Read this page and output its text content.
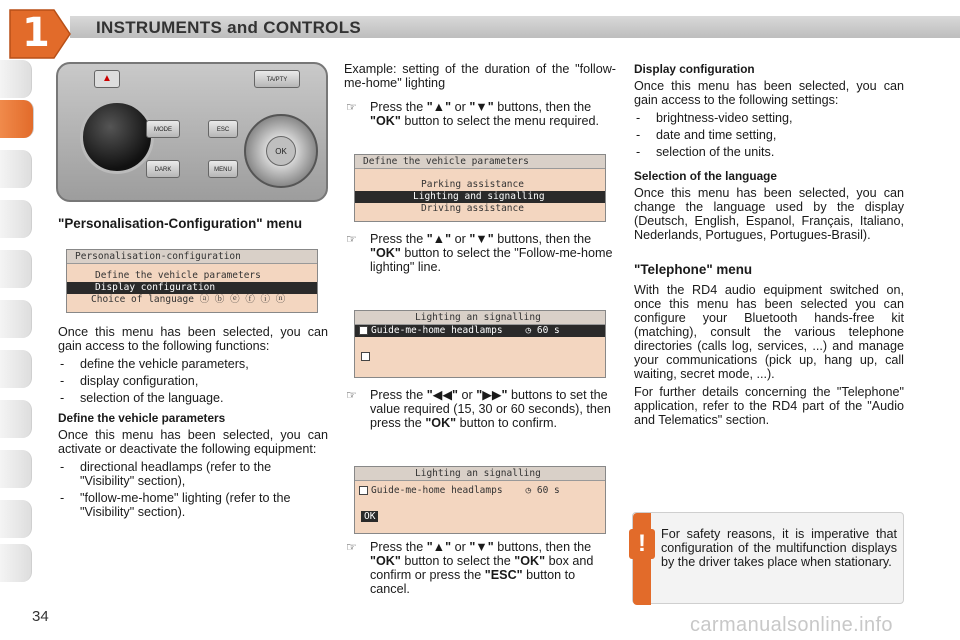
1	INSTRUMENTS and CONTROLS
▲	TA/PTY
MODE
DARK
ESC
MENU
OK
"Personalisation-Configuration" menu
Personalisation-configuration
Define the vehicle parameters
Display configuration
Choice of language ⓐ ⓑ ⓔ ⓕ ⓘ ⓝ

Once this menu has been selected, you can gain access to the following functions:

- define the vehicle parameters,
- display configuration,
- selection of the language.
Define the vehicle parameters

Once this menu has been selected, you can activate or deactivate the following equipment:

- directional headlamps (refer to the "Visibility" section),
- "follow-me-home" lighting (refer to the "Visibility" section).

Example: setting of the duration of the "follow-me-home" lighting

☞ Press the "▲" or "▼" buttons, then the "OK" button to select the menu required.
Define the vehicle parameters
Parking assistance
Lighting and signalling
Driving assistance
☞ Press the "▲" or "▼" buttons, then the "OK" button to select the "Follow-me-home lighting" line.
Lighting an signalling
Guide-me-home headlamps    ◷ 60 s
☞ Press the "◀◀" or "▶▶" buttons to set the value required (15, 30 or 60 seconds), then press the "OK" button to confirm.
Lighting an signalling
Guide-me-home headlamps    ◷ 60 s
OK
☞ Press the "▲" or "▼" buttons, then the "OK" button to select the "OK" box and confirm or press the "ESC" button to cancel.
Display configuration

Once this menu has been selected, you can gain access to the following settings:

- brightness-video setting,
- date and time setting,
- selection of the units.
Selection of the language

Once this menu has been selected, you can change the language used by the display (Deutsch, English, Espanol, Français, Italiano, Nederlands, Portugues, Portugues-Brasil).

"Telephone" menu

With the RD4 audio equipment switched on, once this menu has been selected you can configure your Bluetooth hands-free kit (matching), consult the various telephone directories (calls log, services, ...) and manage your communications (pick up, hang up, call waiting, secret mode, ...).

For further details concerning the "Telephone" application, refer to the RD4 part of the "Audio and Telematics" section.

!	For safety reasons, it is imperative that configuration of the multifunction displays by the driver takes place when stationary.
34	carmanualsonline.info
